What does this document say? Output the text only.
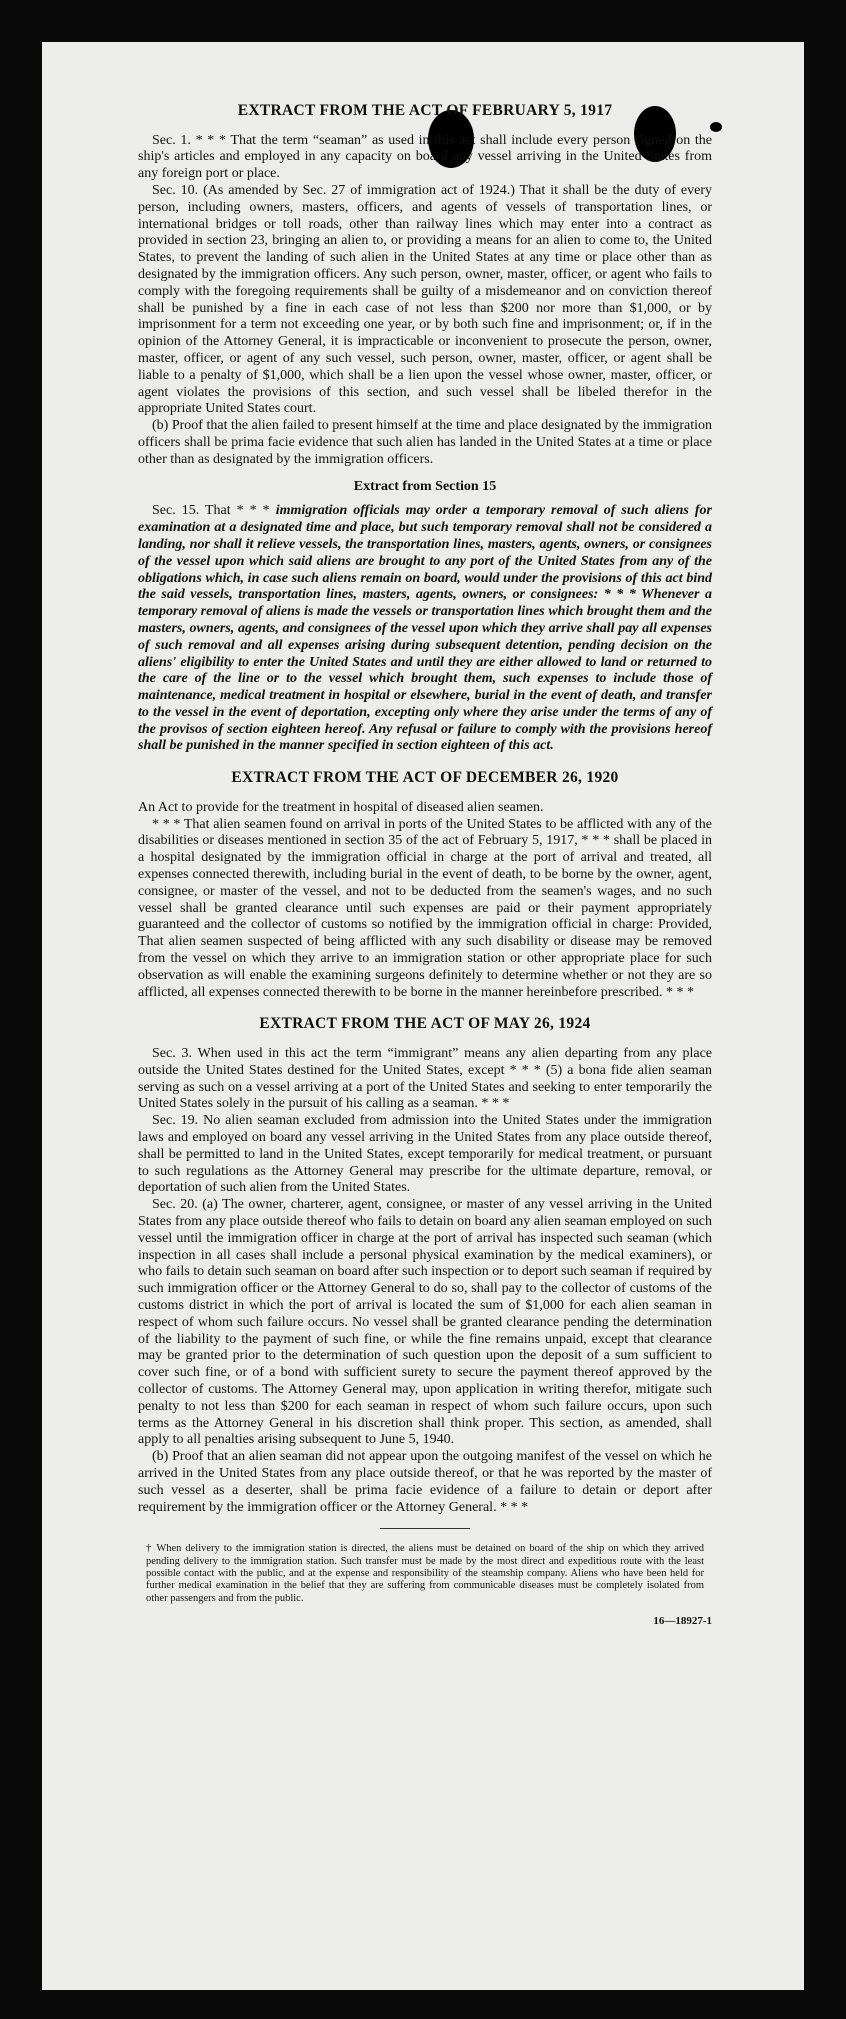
EXTRACT FROM THE ACT OF FEBRUARY 5, 1917

Sec. 1. * * * That the term “seaman” as used in this act shall include every person signed on the ship's articles and employed in any capacity on board any vessel arriving in the United States from any foreign port or place.

Sec. 10. (As amended by Sec. 27 of immigration act of 1924.) That it shall be the duty of every person, including owners, masters, officers, and agents of vessels of transportation lines, or international bridges or toll roads, other than railway lines which may enter into a contract as provided in section 23, bringing an alien to, or providing a means for an alien to come to, the United States, to prevent the landing of such alien in the United States at any time or place other than as designated by the immigration officers. Any such person, owner, master, officer, or agent who fails to comply with the foregoing requirements shall be guilty of a misdemeanor and on conviction thereof shall be punished by a fine in each case of not less than $200 nor more than $1,000, or by imprisonment for a term not exceeding one year, or by both such fine and imprisonment; or, if in the opinion of the Attorney General, it is impracticable or inconvenient to prosecute the person, owner, master, officer, or agent of any such vessel, such person, owner, master, officer, or agent shall be liable to a penalty of $1,000, which shall be a lien upon the vessel whose owner, master, officer, or agent violates the provisions of this section, and such vessel shall be libeled therefor in the appropriate United States court.

(b) Proof that the alien failed to present himself at the time and place designated by the immigration officers shall be prima facie evidence that such alien has landed in the United States at a time or place other than as designated by the immigration officers.

Extract from Section 15

Sec. 15. That * * * immigration officials may order a temporary removal of such aliens for examination at a designated time and place, but such temporary removal shall not be considered a landing, nor shall it relieve vessels, the transportation lines, masters, agents, owners, or consignees of the vessel upon which said aliens are brought to any port of the United States from any of the obligations which, in case such aliens remain on board, would under the provisions of this act bind the said vessels, transportation lines, masters, agents, owners, or consignees: * * * Whenever a temporary removal of aliens is made the vessels or transportation lines which brought them and the masters, owners, agents, and consignees of the vessel upon which they arrive shall pay all expenses of such removal and all expenses arising during subsequent detention, pending decision on the aliens' eligibility to enter the United States and until they are either allowed to land or returned to the care of the line or to the vessel which brought them, such expenses to include those of maintenance, medical treatment in hospital or elsewhere, burial in the event of death, and transfer to the vessel in the event of deportation, excepting only where they arise under the terms of any of the provisos of section eighteen hereof. Any refusal or failure to comply with the provisions hereof shall be punished in the manner specified in section eighteen of this act.

EXTRACT FROM THE ACT OF DECEMBER 26, 1920

An Act to provide for the treatment in hospital of diseased alien seamen.

* * * That alien seamen found on arrival in ports of the United States to be afflicted with any of the disabilities or diseases mentioned in section 35 of the act of February 5, 1917, * * * shall be placed in a hospital designated by the immigration official in charge at the port of arrival and treated, all expenses connected therewith, including burial in the event of death, to be borne by the owner, agent, consignee, or master of the vessel, and not to be deducted from the seamen's wages, and no such vessel shall be granted clearance until such expenses are paid or their payment appropriately guaranteed and the collector of customs so notified by the immigration official in charge: Provided, That alien seamen suspected of being afflicted with any such disability or disease may be removed from the vessel on which they arrive to an immigration station or other appropriate place for such observation as will enable the examining surgeons definitely to determine whether or not they are so afflicted, all expenses connected therewith to be borne in the manner hereinbefore prescribed. * * *

EXTRACT FROM THE ACT OF MAY 26, 1924

Sec. 3. When used in this act the term “immigrant” means any alien departing from any place outside the United States destined for the United States, except * * * (5) a bona fide alien seaman serving as such on a vessel arriving at a port of the United States and seeking to enter temporarily the United States solely in the pursuit of his calling as a seaman. * * *

Sec. 19. No alien seaman excluded from admission into the United States under the immigration laws and employed on board any vessel arriving in the United States from any place outside thereof, shall be permitted to land in the United States, except temporarily for medical treatment, or pursuant to such regulations as the Attorney General may prescribe for the ultimate departure, removal, or deportation of such alien from the United States.

Sec. 20. (a) The owner, charterer, agent, consignee, or master of any vessel arriving in the United States from any place outside thereof who fails to detain on board any alien seaman employed on such vessel until the immigration officer in charge at the port of arrival has inspected such seaman (which inspection in all cases shall include a personal physical examination by the medical examiners), or who fails to detain such seaman on board after such inspection or to deport such seaman if required by such immigration officer or the Attorney General to do so, shall pay to the collector of customs of the customs district in which the port of arrival is located the sum of $1,000 for each alien seaman in respect of whom such failure occurs. No vessel shall be granted clearance pending the determination of the liability to the payment of such fine, or while the fine remains unpaid, except that clearance may be granted prior to the determination of such question upon the deposit of a sum sufficient to cover such fine, or of a bond with sufficient surety to secure the payment thereof approved by the collector of customs. The Attorney General may, upon application in writing therefor, mitigate such penalty to not less than $200 for each seaman in respect of whom such failure occurs, upon such terms as the Attorney General in his discretion shall think proper. This section, as amended, shall apply to all penalties arising subsequent to June 5, 1940.

(b) Proof that an alien seaman did not appear upon the outgoing manifest of the vessel on which he arrived in the United States from any place outside thereof, or that he was reported by the master of such vessel as a deserter, shall be prima facie evidence of a failure to detain or deport after requirement by the immigration officer or the Attorney General. * * *

† When delivery to the immigration station is directed, the aliens must be detained on board of the ship on which they arrived pending delivery to the immigration station. Such transfer must be made by the most direct and expeditious route with the least possible contact with the public, and at the expense and responsibility of the steamship company. Aliens who have been held for further medical examination in the belief that they are suffering from communicable diseases must be completely isolated from other passengers and from the public.
16—18927-1
